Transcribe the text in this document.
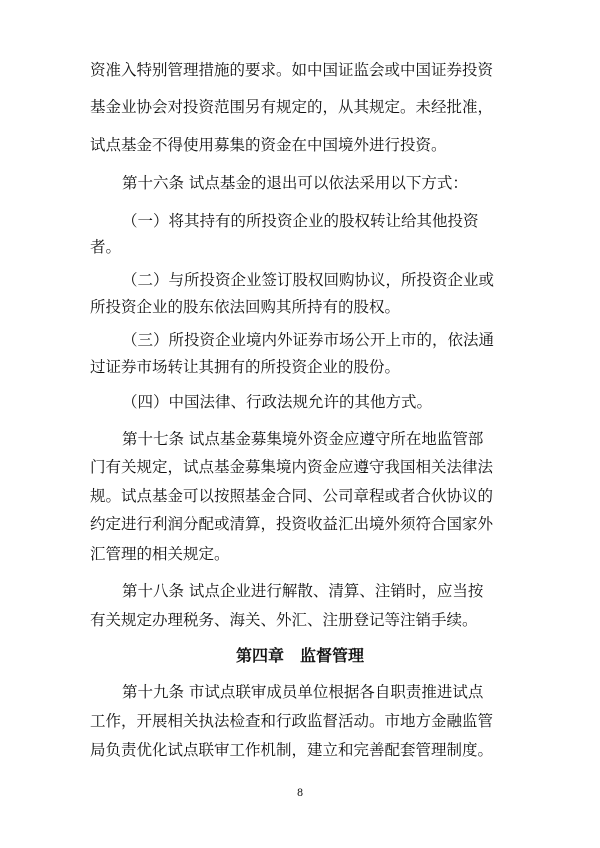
资准入特别管理措施的要求。如中国证监会或中国证券投资
基金业协会对投资范围另有规定的，从其规定。未经批准，
试点基金不得使用募集的资金在中国境外进行投资。
第十六条 试点基金的退出可以依法采用以下方式：
（一）将其持有的所投资企业的股权转让给其他投资
者。
（二）与所投资企业签订股权回购协议，所投资企业或
所投资企业的股东依法回购其所持有的股权。
（三）所投资企业境内外证券市场公开上市的，依法通
过证券市场转让其拥有的所投资企业的股份。
（四）中国法律、行政法规允许的其他方式。
第十七条 试点基金募集境外资金应遵守所在地监管部
门有关规定，试点基金募集境内资金应遵守我国相关法律法
规。试点基金可以按照基金合同、公司章程或者合伙协议的
约定进行利润分配或清算，投资收益汇出境外须符合国家外
汇管理的相关规定。
第十八条 试点企业进行解散、清算、注销时，应当按
有关规定办理税务、海关、外汇、注册登记等注销手续。
第四章　监督管理
第十九条 市试点联审成员单位根据各自职责推进试点
工作，开展相关执法检查和行政监督活动。市地方金融监管
局负责优化试点联审工作机制，建立和完善配套管理制度。
8
